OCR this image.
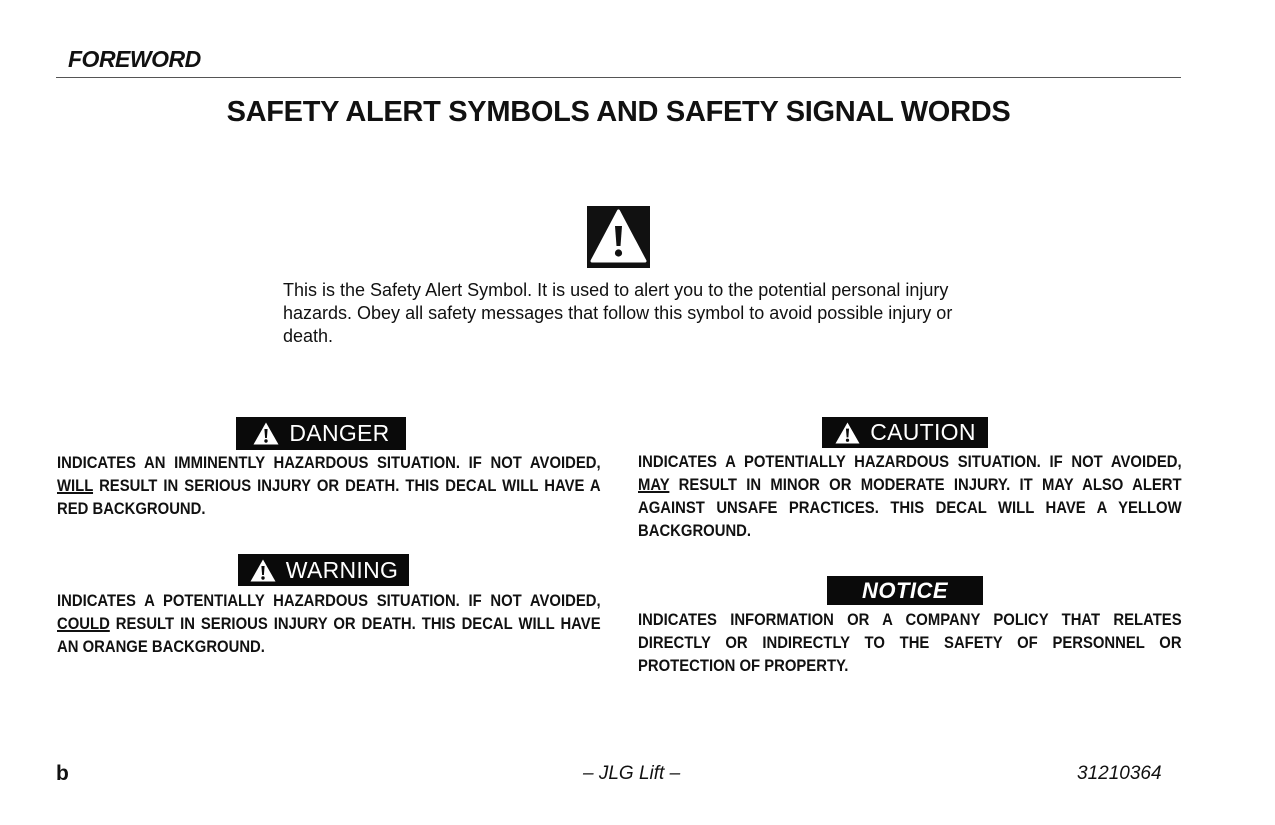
FOREWORD
SAFETY ALERT SYMBOLS AND SAFETY SIGNAL WORDS
This is the Safety Alert Symbol. It is used to alert you to the potential personal injury hazards. Obey all safety messages that follow this symbol to avoid possible injury or death.
DANGER
INDICATES AN IMMINENTLY HAZARDOUS SITUATION. IF NOT AVOIDED, WILL RESULT IN SERIOUS INJURY OR DEATH. THIS DECAL WILL HAVE A RED BACKGROUND.
WARNING
INDICATES A POTENTIALLY HAZARDOUS SITUATION. IF NOT AVOIDED, COULD RESULT IN SERIOUS INJURY OR DEATH. THIS DECAL WILL HAVE AN ORANGE BACKGROUND.
CAUTION
INDICATES A POTENTIALLY HAZARDOUS SITUATION. IF NOT AVOIDED, MAY RESULT IN MINOR OR MODERATE INJURY. IT MAY ALSO ALERT AGAINST UNSAFE PRACTICES. THIS DECAL WILL HAVE A YELLOW BACKGROUND.
NOTICE
INDICATES INFORMATION OR A COMPANY POLICY THAT RELATES DIRECTLY OR INDIRECTLY TO THE SAFETY OF PERSONNEL OR PROTECTION OF PROPERTY.
b	– JLG Lift –	31210364
